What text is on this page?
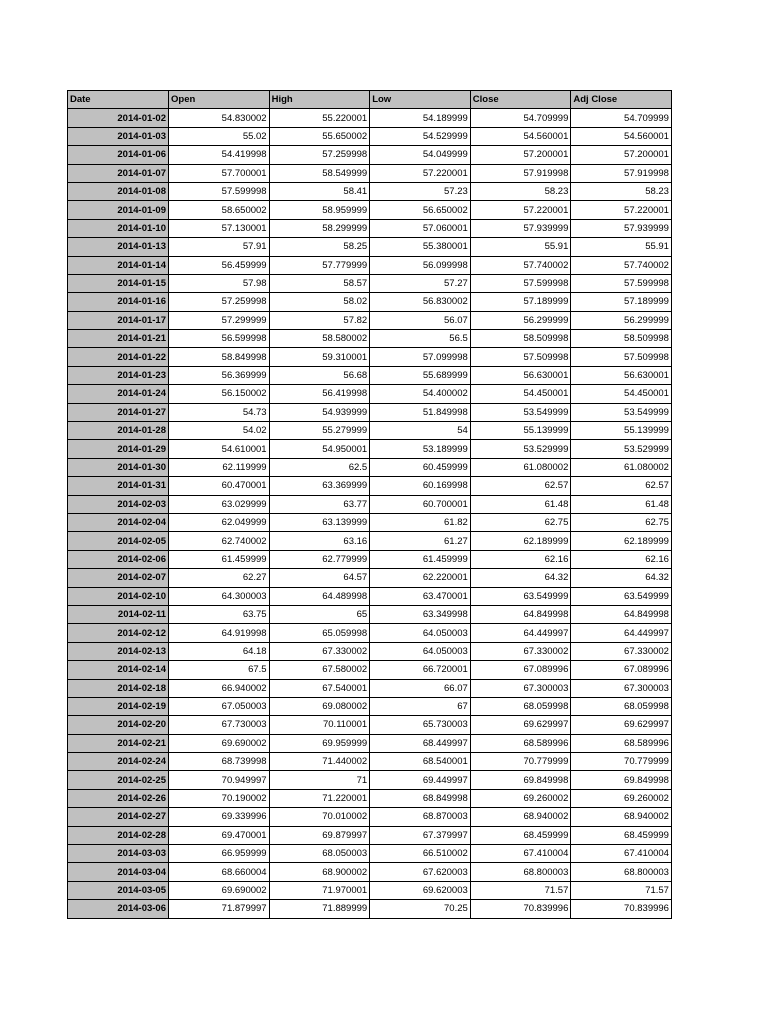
Date	Open	High	Low	Close	Adj Close
2014-01-02	54.830002	55.220001	54.189999	54.709999	54.709999
2014-01-03	55.02	55.650002	54.529999	54.560001	54.560001
2014-01-06	54.419998	57.259998	54.049999	57.200001	57.200001
2014-01-07	57.700001	58.549999	57.220001	57.919998	57.919998
2014-01-08	57.599998	58.41	57.23	58.23	58.23
2014-01-09	58.650002	58.959999	56.650002	57.220001	57.220001
2014-01-10	57.130001	58.299999	57.060001	57.939999	57.939999
2014-01-13	57.91	58.25	55.380001	55.91	55.91
2014-01-14	56.459999	57.779999	56.099998	57.740002	57.740002
2014-01-15	57.98	58.57	57.27	57.599998	57.599998
2014-01-16	57.259998	58.02	56.830002	57.189999	57.189999
2014-01-17	57.299999	57.82	56.07	56.299999	56.299999
2014-01-21	56.599998	58.580002	56.5	58.509998	58.509998
2014-01-22	58.849998	59.310001	57.099998	57.509998	57.509998
2014-01-23	56.369999	56.68	55.689999	56.630001	56.630001
2014-01-24	56.150002	56.419998	54.400002	54.450001	54.450001
2014-01-27	54.73	54.939999	51.849998	53.549999	53.549999
2014-01-28	54.02	55.279999	54	55.139999	55.139999
2014-01-29	54.610001	54.950001	53.189999	53.529999	53.529999
2014-01-30	62.119999	62.5	60.459999	61.080002	61.080002
2014-01-31	60.470001	63.369999	60.169998	62.57	62.57
2014-02-03	63.029999	63.77	60.700001	61.48	61.48
2014-02-04	62.049999	63.139999	61.82	62.75	62.75
2014-02-05	62.740002	63.16	61.27	62.189999	62.189999
2014-02-06	61.459999	62.779999	61.459999	62.16	62.16
2014-02-07	62.27	64.57	62.220001	64.32	64.32
2014-02-10	64.300003	64.489998	63.470001	63.549999	63.549999
2014-02-11	63.75	65	63.349998	64.849998	64.849998
2014-02-12	64.919998	65.059998	64.050003	64.449997	64.449997
2014-02-13	64.18	67.330002	64.050003	67.330002	67.330002
2014-02-14	67.5	67.580002	66.720001	67.089996	67.089996
2014-02-18	66.940002	67.540001	66.07	67.300003	67.300003
2014-02-19	67.050003	69.080002	67	68.059998	68.059998
2014-02-20	67.730003	70.110001	65.730003	69.629997	69.629997
2014-02-21	69.690002	69.959999	68.449997	68.589996	68.589996
2014-02-24	68.739998	71.440002	68.540001	70.779999	70.779999
2014-02-25	70.949997	71	69.449997	69.849998	69.849998
2014-02-26	70.190002	71.220001	68.849998	69.260002	69.260002
2014-02-27	69.339996	70.010002	68.870003	68.940002	68.940002
2014-02-28	69.470001	69.879997	67.379997	68.459999	68.459999
2014-03-03	66.959999	68.050003	66.510002	67.410004	67.410004
2014-03-04	68.660004	68.900002	67.620003	68.800003	68.800003
2014-03-05	69.690002	71.970001	69.620003	71.57	71.57
2014-03-06	71.879997	71.889999	70.25	70.839996	70.839996
